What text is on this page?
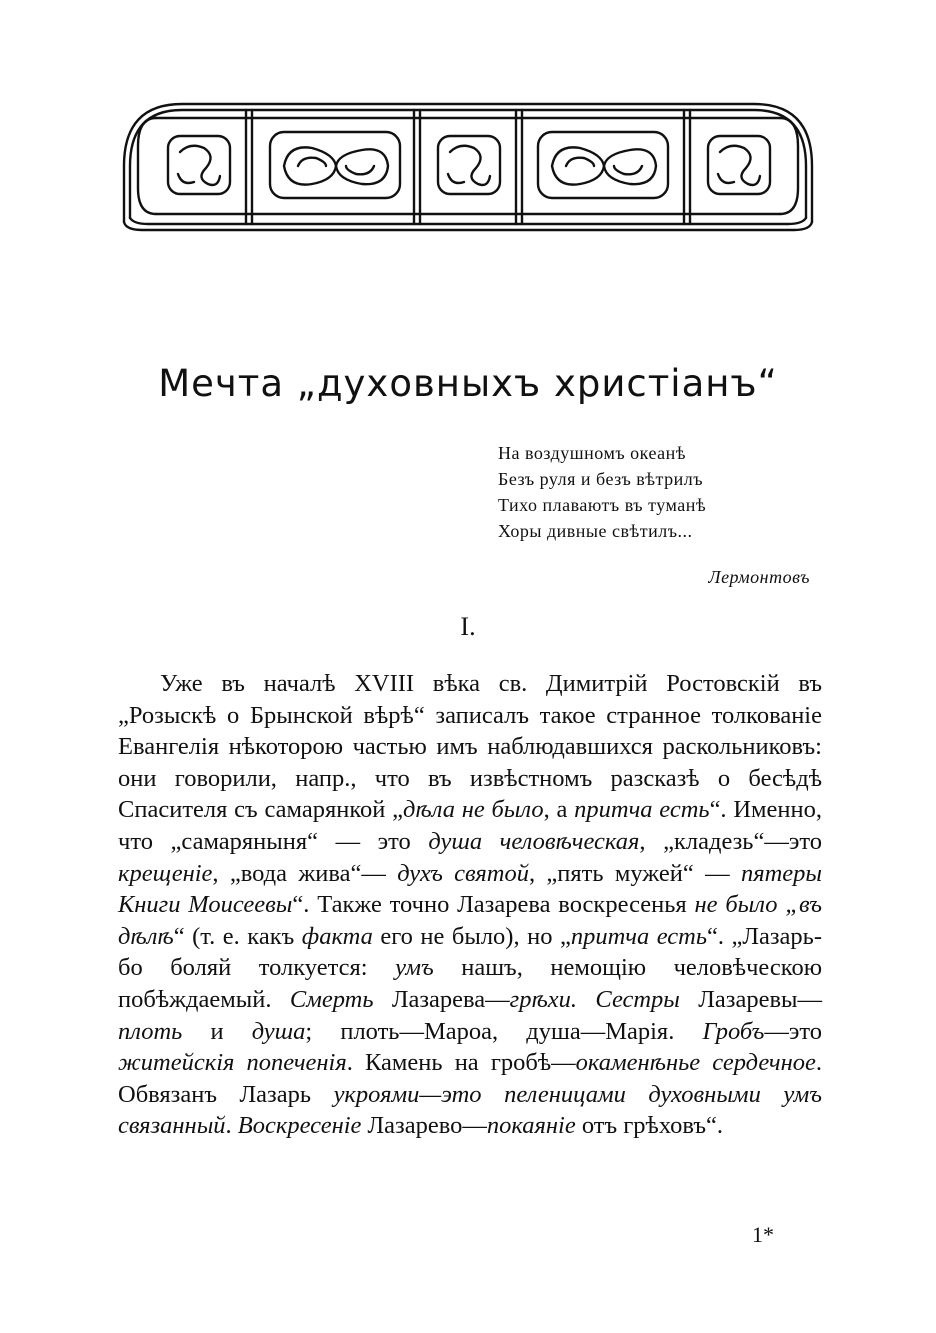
Мечта „духовныхъ христіанъ“
На воздушномъ океанѣ
Безъ руля и безъ вѣтрилъ
Тихо плаваютъ въ туманѣ
Хоры дивные свѣтилъ...
Лермонтовъ
I.

Уже въ началѣ XVIII вѣка св. Димитрій Ростовскій въ „Розыскѣ о Брынской вѣрѣ“ записалъ такое странное толкованіе Евангелія нѣкоторою частью имъ наблюдавшихся раскольниковъ: они говорили, напр., что въ извѣстномъ разсказѣ о бесѣдѣ Спасителя съ самарянкой „дѣла не было, а притча есть“. Именно, что „самаряныня“ — это душа человѣческая, „кладезь“—это крещеніе, „вода жива“— духъ святой, „пять мужей“ — пятеры Книги Моисеевы“. Также точно Лазарева воскресенья не было „въ дѣлѣ“ (т. е. какъ факта его не было), но „притча есть“. „Лазарь-бо боляй толкуется: умъ нашъ, немощію человѣческою побѣждаемый. Смерть Лазарева—грѣхи. Сестры Лазаревы—плоть и душа; плоть—Мароа, душа—Марія. Гробъ—это житейскія попеченія. Камень на гробѣ—окаменѣнье сердечное. Обвязанъ Лазарь укроями—это пеленицами духовными умъ связанный. Воскресеніе Лазарево—покаяніе отъ грѣховъ“.

1*
